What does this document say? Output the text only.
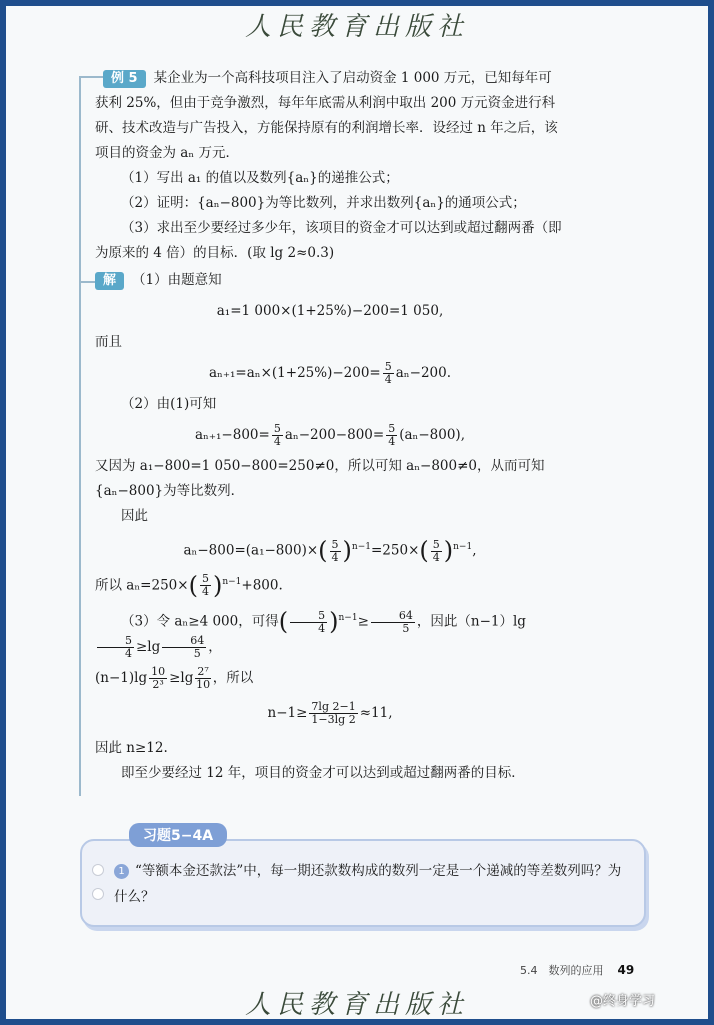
人民教育出版社

例 5 某企业为一个高科技项目注入了启动资金 1 000 万元，已知每年可获利 25%，但由于竞争激烈，每年年底需从利润中取出 200 万元资金进行科研、技术改造与广告投入，方能保持原有的利润增长率．设经过 n 年之后，该项目的资金为 aₙ 万元．

（1）写出 a₁ 的值以及数列{aₙ}的递推公式；

（2）证明：{aₙ−800}为等比数列，并求出数列{aₙ}的通项公式；

（3）求出至少要经过多少年，该项目的资金才可以达到或超过翻两番（即为原来的 4 倍）的目标．(取 lg 2≈0.3)

解 （1）由题意知

a₁=1 000×(1+25%)−200=1 050,

而且

$a_{n+1}=a_n\times(1+25\%)-200= \frac{5}{4} a_n-200$.

（2）由(1)可知

$a_{n+1}-800= \frac{5}{4} a_n-200-800= \frac{5}{4} (a_n-800)$,

又因为 a₁−800=1 050−800=250≠0，所以可知 aₙ−800≠0，从而可知{aₙ−800}为等比数列．

因此

$a_n-800=(a_1-800)\times( \frac{5}{4} )^{n-1}=250\times( \frac{5}{4} )^{n-1}$,

所以 $a_n=250\times( \frac{5}{4} )^{n-1}+800$.

（3）令 aₙ≥4 000，可得( $\frac{5}{4} )^{n-1}\ge \frac{64}{5}$ ，因此（n−1）lg
$\frac{5}{4} \ge\lg \frac{64}{5}$ ，

$(n-1)\lg \frac{10}{\text{2³}} \ge\lg \frac{\text{2⁷}}{10}$ ，所以

$n-1\ge \frac{7\lg 2-1}{1-3\lg 2} \approx 11$,

因此 n≥12.

即至少要经过 12 年，项目的资金才可以达到或超过翻两番的目标．

习题5−4A
1 “等额本金还款法”中，每一期还款数构成的数列一定是一个递减的等差数列吗？为什么？
5.4　数列的应用 49
人民教育出版社	@终身学习
